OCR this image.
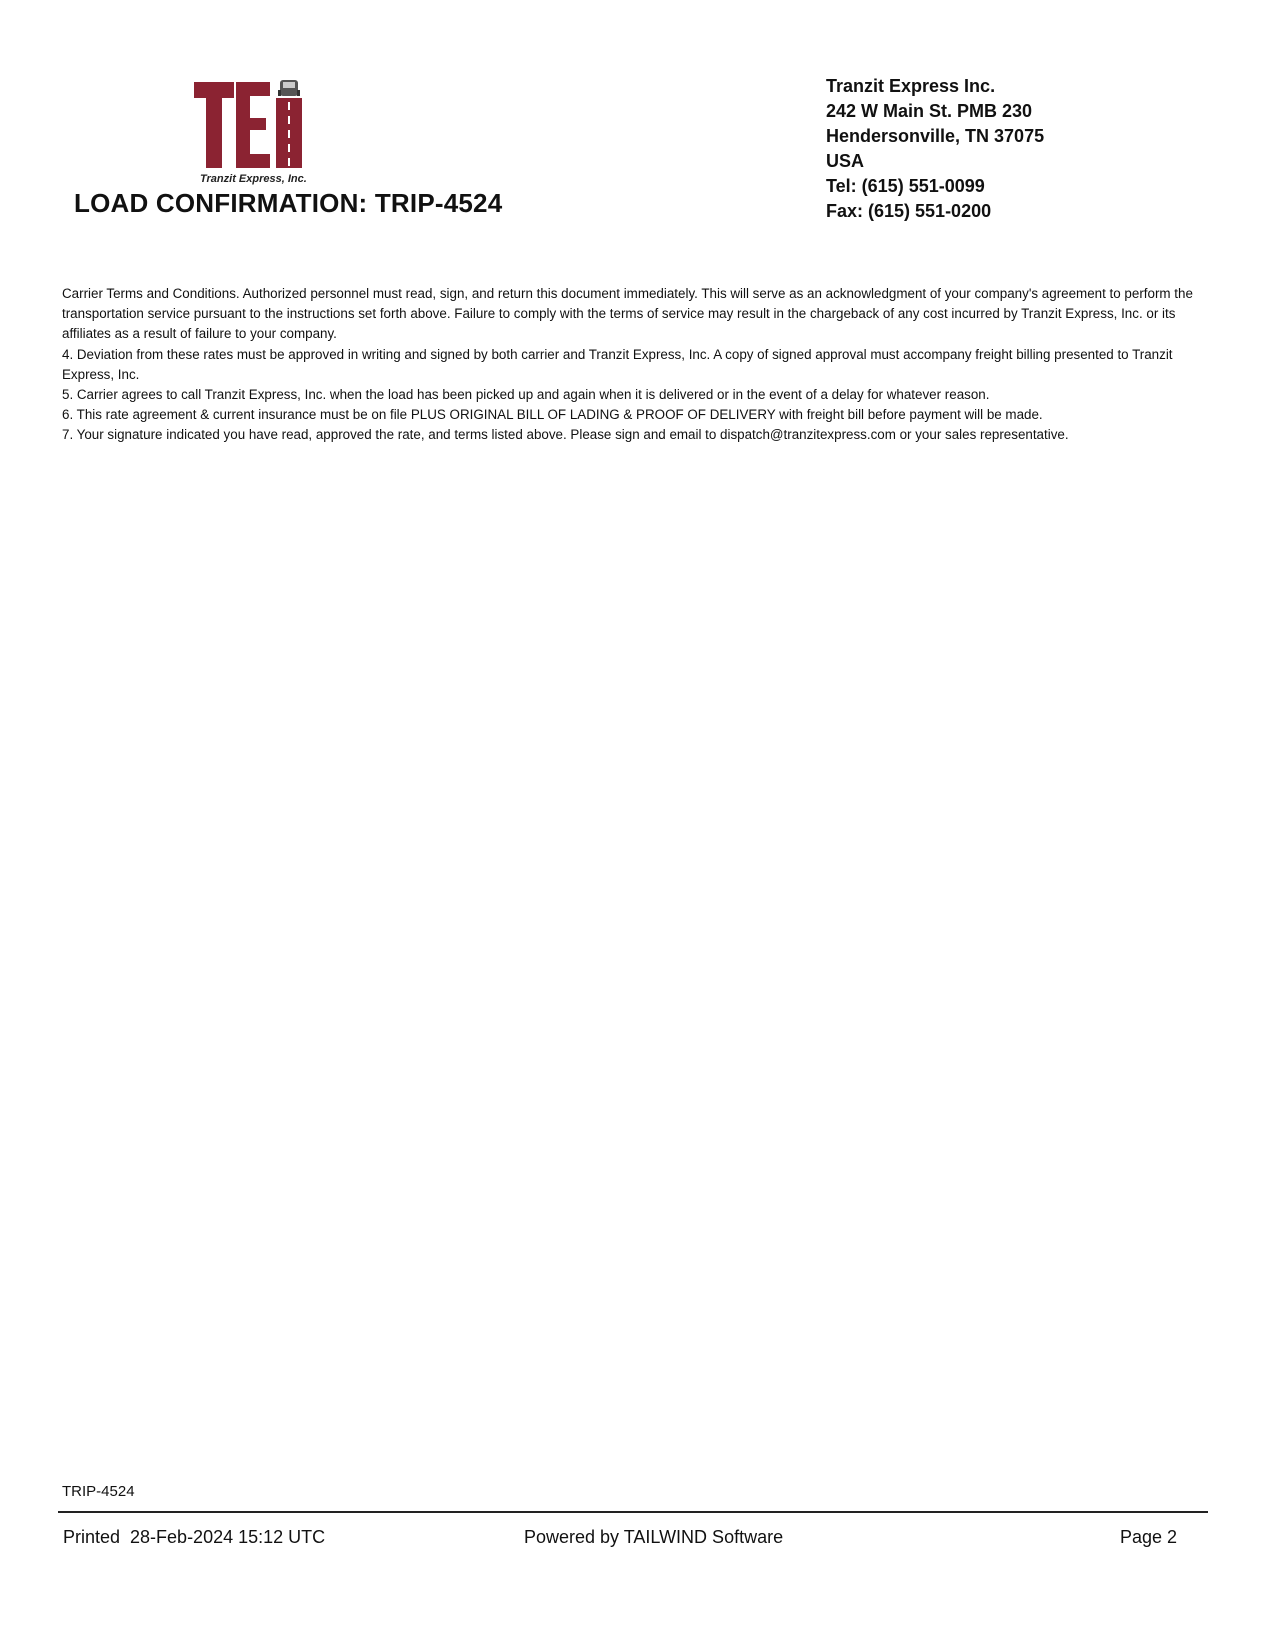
Tranzit Express, Inc.
LOAD CONFIRMATION: TRIP-4524
Tranzit Express Inc.
242 W Main St. PMB 230
Hendersonville, TN 37075
USA
Tel: (615) 551-0099
Fax: (615) 551-0200

Carrier Terms and Conditions. Authorized personnel must read, sign, and return this document immediately. This will serve as an acknowledgment of your company's agreement to perform the transportation service pursuant to the instructions set forth above. Failure to comply with the terms of service may result in the chargeback of any cost incurred by Tranzit Express, Inc. or its affiliates as a result of failure to your company.

4. Deviation from these rates must be approved in writing and signed by both carrier and Tranzit Express, Inc. A copy of signed approval must accompany freight billing presented to Tranzit Express, Inc.

5. Carrier agrees to call Tranzit Express, Inc. when the load has been picked up and again when it is delivered or in the event of a delay for whatever reason.

6. This rate agreement & current insurance must be on file PLUS ORIGINAL BILL OF LADING & PROOF OF DELIVERY with freight bill before payment will be made.

7. Your signature indicated you have read, approved the rate, and terms listed above. Please sign and email to dispatch@tranzitexpress.com or your sales representative.

TRIP-4524
Printed  28-Feb-2024 15:12 UTC	Powered by TAILWIND Software	Page 2
